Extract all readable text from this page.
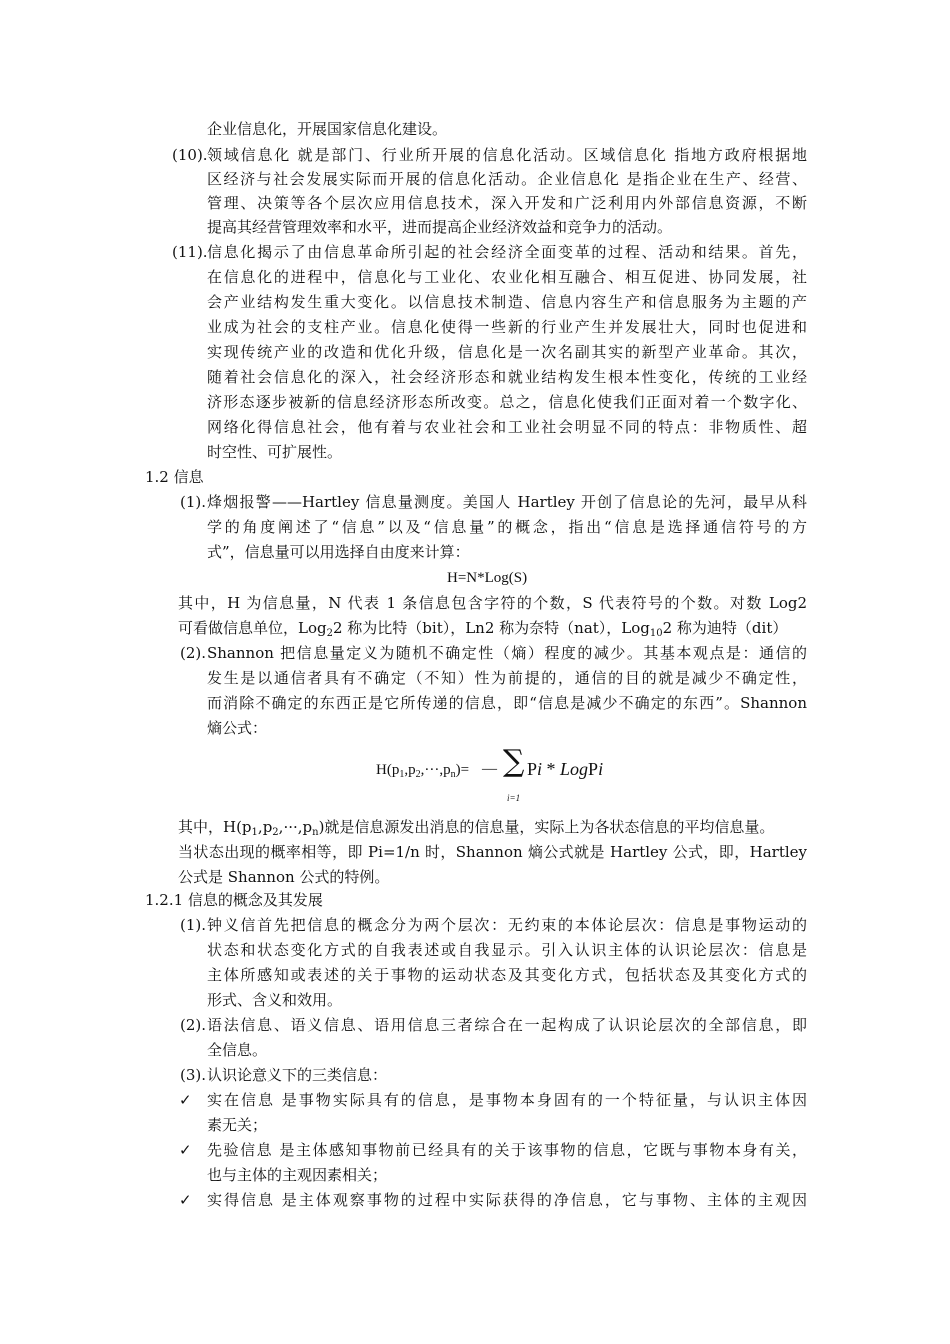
企业信息化，开展国家信息化建设。
(10). 领域信息化 就是部门、行业所开展的信息化活动。区域信息化 指地方政府根据地
区经济与社会发展实际而开展的信息化活动。企业信息化 是指企业在生产、经营、
管理、决策等各个层次应用信息技术，深入开发和广泛利用内外部信息资源，不断
提高其经营管理效率和水平，进而提高企业经济效益和竞争力的活动。
(11). 信息化揭示了由信息革命所引起的社会经济全面变革的过程、活动和结果。首先，
在信息化的进程中，信息化与工业化、农业化相互融合、相互促进、协同发展，社
会产业结构发生重大变化。以信息技术制造、信息内容生产和信息服务为主题的产
业成为社会的支柱产业。信息化使得一些新的行业产生并发展壮大，同时也促进和
实现传统产业的改造和优化升级，信息化是一次名副其实的新型产业革命。其次，
随着社会信息化的深入，社会经济形态和就业结构发生根本性变化，传统的工业经
济形态逐步被新的信息经济形态所改变。总之，信息化使我们正面对着一个数字化、
网络化得信息社会，他有着与农业社会和工业社会明显不同的特点：非物质性、超
时空性、可扩展性。
1.2 信息
(1). 烽烟报警——Hartley 信息量测度。美国人 Hartley 开创了信息论的先河，最早从科
学的角度阐述了“信息”以及“信息量”的概念，指出“信息是选择通信符号的方
式”，信息量可以用选择自由度来计算：
H=N*Log(S)
其中，H 为信息量，N 代表 1 条信息包含字符的个数，S 代表符号的个数。对数 Log2
可看做信息单位，Log$_2$2 称为比特（bit），Ln2 称为奈特（nat），Log$_{10}$2 称为迪特（dit）
(2). Shannon 把信息量定义为随机不确定性（熵）程度的减少。其基本观点是：通信的
发生是以通信者具有不确定（不知）性为前提的，通信的目的就是减少不确定性，
而消除不确定的东西正是它所传递的信息，即“信息是减少不确定的东西”。Shannon
熵公式：
$H(p_1,p_2,\cdot\cdot\cdot,p_n)=$ — ∑
i=1
Pi * LogPi
其中，$H(p_1,p_2,\cdot\cdot\cdot,p_n)$就是信息源发出消息的信息量，实际上为各状态信息的平均信息量。
当状态出现的概率相等，即 Pi=1/n 时，Shannon 熵公式就是 Hartley 公式，即，Hartley
公式是 Shannon 公式的特例。
1.2.1 信息的概念及其发展
(1). 钟义信首先把信息的概念分为两个层次：无约束的本体论层次：信息是事物运动的
状态和状态变化方式的自我表述或自我显示。引入认识主体的认识论层次：信息是
主体所感知或表述的关于事物的运动状态及其变化方式，包括状态及其变化方式的
形式、含义和效用。
(2). 语法信息、语义信息、语用信息三者综合在一起构成了认识论层次的全部信息，即
全信息。
(3). 认识论意义下的三类信息：
✓ 实在信息 是事物实际具有的信息，是事物本身固有的一个特征量，与认识主体因
素无关；
✓ 先验信息 是主体感知事物前已经具有的关于该事物的信息，它既与事物本身有关，
也与主体的主观因素相关；
✓ 实得信息 是主体观察事物的过程中实际获得的净信息，它与事物、主体的主观因
